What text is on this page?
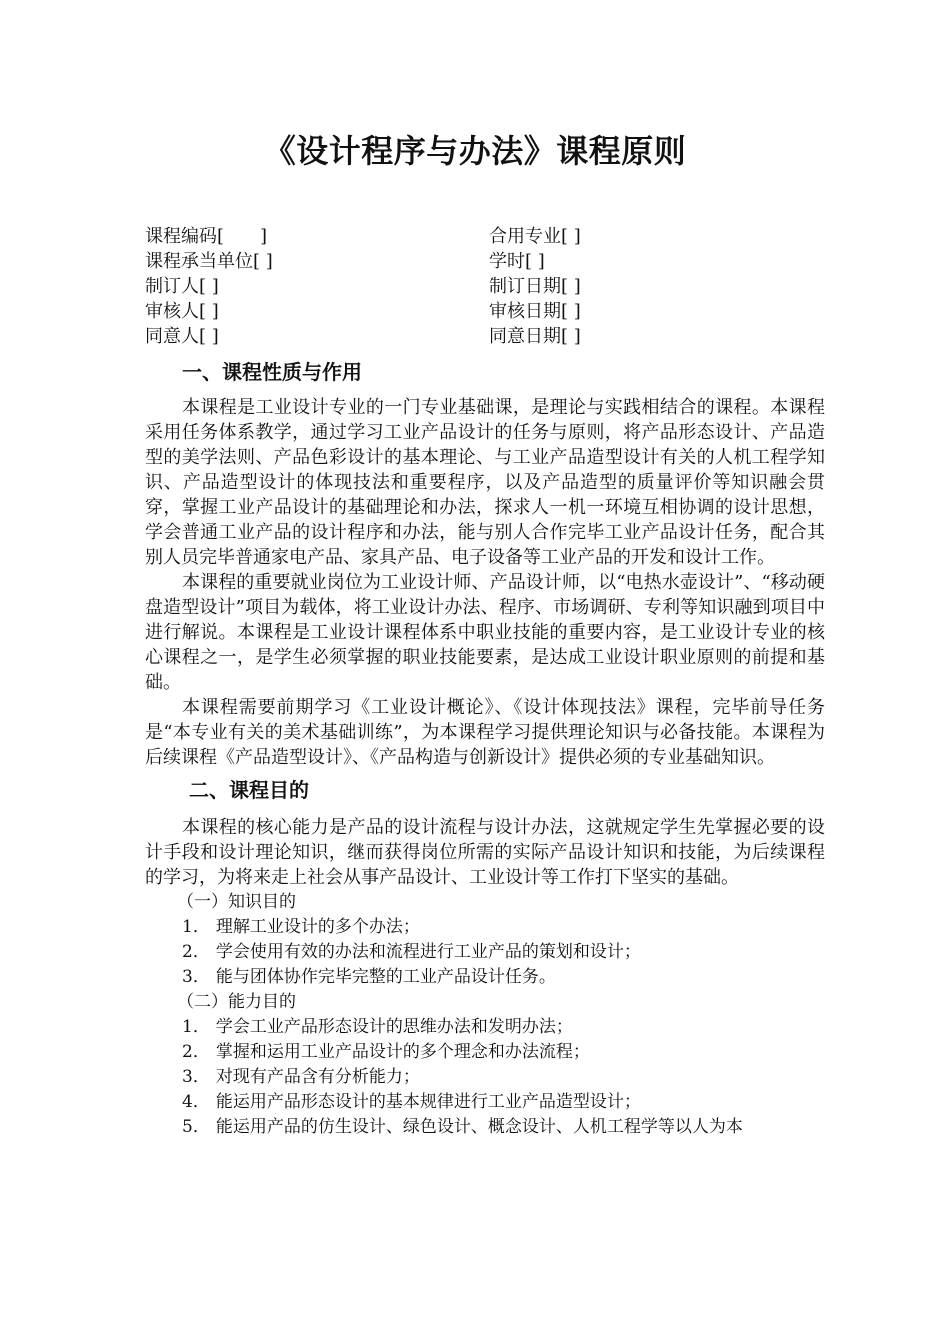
《设计程序与办法》课程原则
课程编码[　　]	合用专业[ ]
课程承当单位[ ]	学时[ ]
制订人[ ]	制订日期[ ]
审核人[ ]	审核日期[ ]
同意人[ ]	同意日期[ ]
一、课程性质与作用

本课程是工业设计专业的一门专业基础课，是理论与实践相结合的课程。本课程采用任务体系教学，通过学习工业产品设计的任务与原则，将产品形态设计、产品造型的美学法则、产品色彩设计的基本理论、与工业产品造型设计有关的人机工程学知识、产品造型设计的体现技法和重要程序，以及产品造型的质量评价等知识融会贯穿，掌握工业产品设计的基础理论和办法，探求人一机一环境互相协调的设计思想，学会普通工业产品的设计程序和办法，能与别人合作完毕工业产品设计任务，配合其别人员完毕普通家电产品、家具产品、电子设备等工业产品的开发和设计工作。

本课程的重要就业岗位为工业设计师、产品设计师，以“电热水壶设计”、“移动硬盘造型设计”项目为载体，将工业设计办法、程序、市场调研、专利等知识融到项目中进行解说。本课程是工业设计课程体系中职业技能的重要内容，是工业设计专业的核心课程之一，是学生必须掌握的职业技能要素，是达成工业设计职业原则的前提和基础。

本课程需要前期学习《工业设计概论》、《设计体现技法》课程，完毕前导任务是“本专业有关的美术基础训练”，为本课程学习提供理论知识与必备技能。本课程为后续课程《产品造型设计》、《产品构造与创新设计》提供必须的专业基础知识。

二、课程目的

本课程的核心能力是产品的设计流程与设计办法，这就规定学生先掌握必要的设计手段和设计理论知识，继而获得岗位所需的实际产品设计知识和技能，为后续课程的学习，为将来走上社会从事产品设计、工业设计等工作打下坚实的基础。

（一）知识目的
1． 理解工业设计的多个办法；
2． 学会使用有效的办法和流程进行工业产品的策划和设计；
3． 能与团体协作完毕完整的工业产品设计任务。
（二）能力目的
1． 学会工业产品形态设计的思维办法和发明办法；
2． 掌握和运用工业产品设计的多个理念和办法流程；
3． 对现有产品含有分析能力；
4． 能运用产品形态设计的基本规律进行工业产品造型设计；
5． 能运用产品的仿生设计、绿色设计、概念设计、人机工程学等以人为本
